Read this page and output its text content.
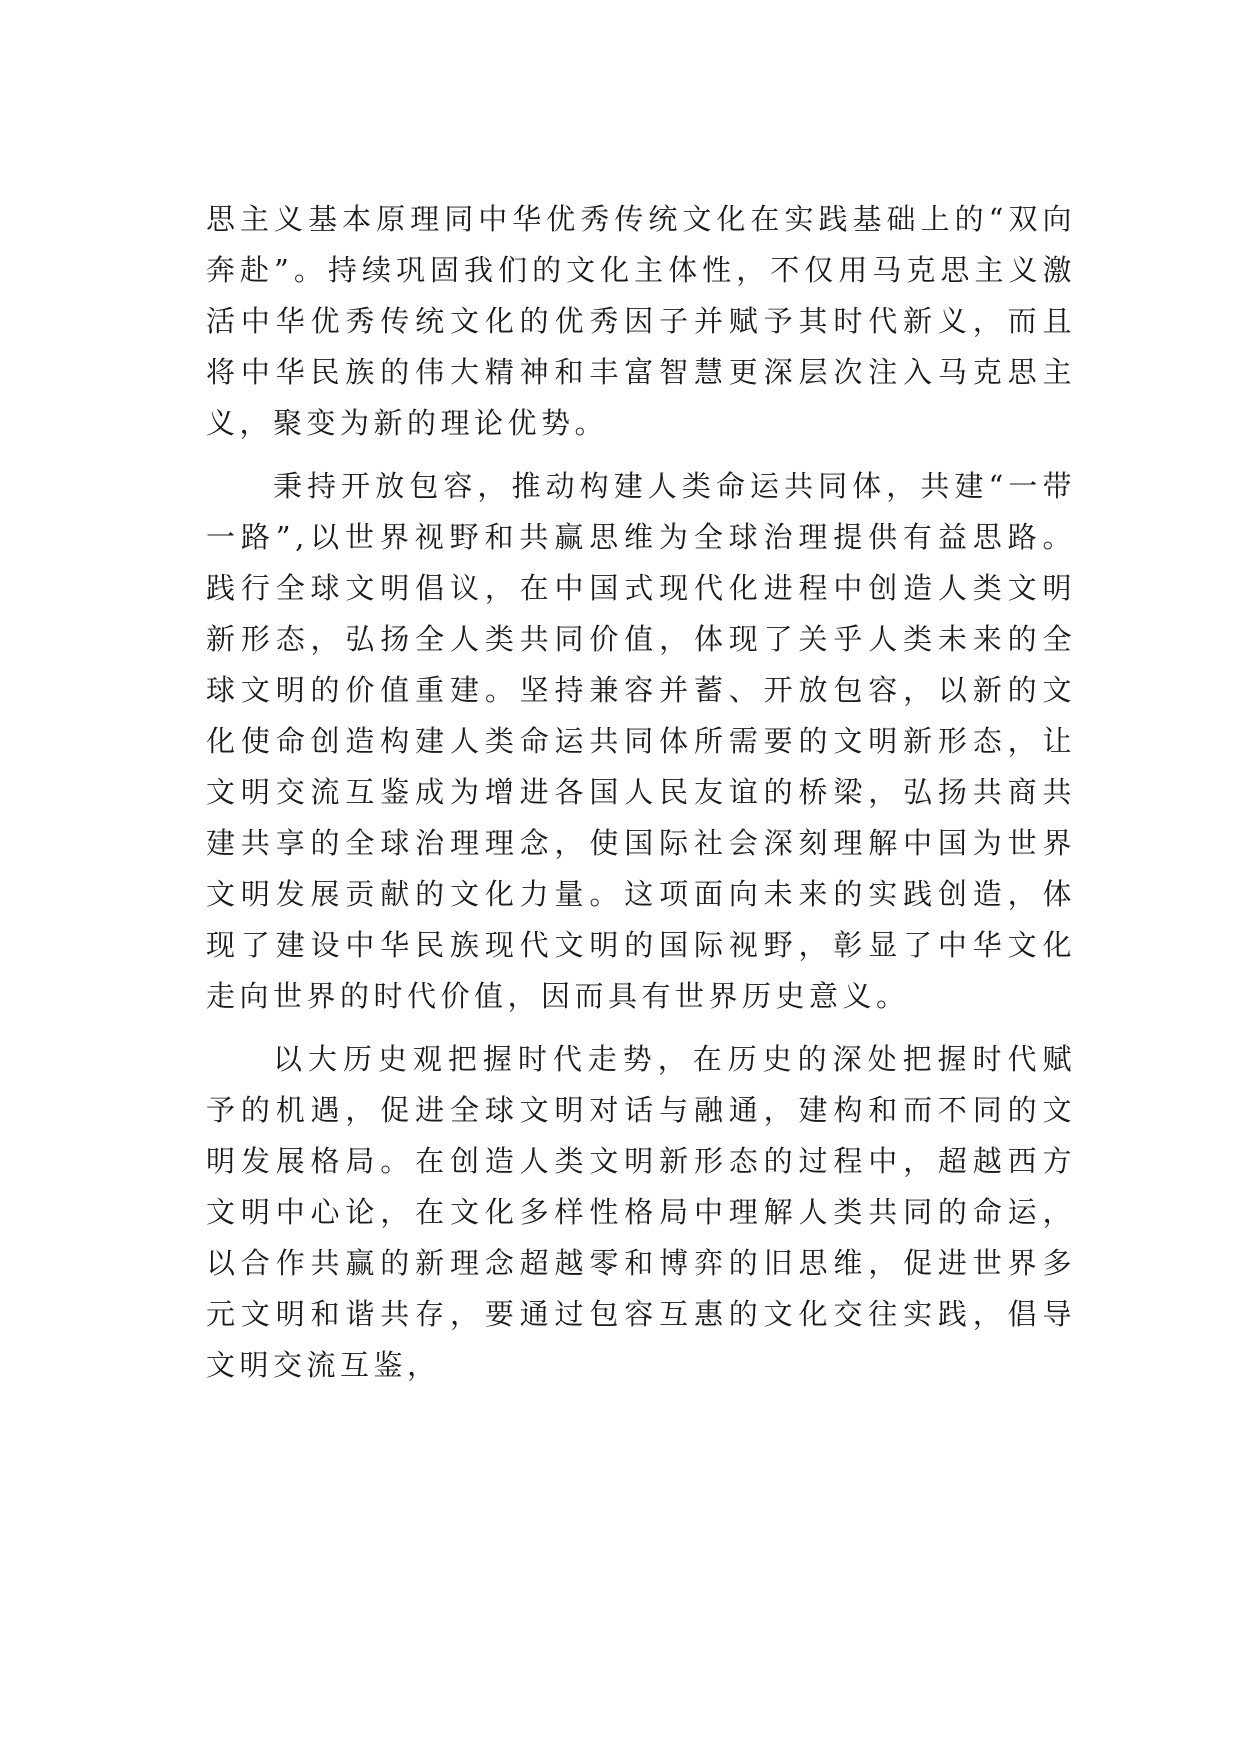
思主义基本原理同中华优秀传统文化在实践基础上的“双向奔赴”。持续巩固我们的文化主体性，不仅用马克思主义激活中华优秀传统文化的优秀因子并赋予其时代新义，而且将中华民族的伟大精神和丰富智慧更深层次注入马克思主义，聚变为新的理论优势。

秉持开放包容，推动构建人类命运共同体，共建“一带一路”,以世界视野和共赢思维为全球治理提供有益思路。践行全球文明倡议，在中国式现代化进程中创造人类文明新形态，弘扬全人类共同价值，体现了关乎人类未来的全球文明的价值重建。坚持兼容并蓄、开放包容，以新的文化使命创造构建人类命运共同体所需要的文明新形态，让文明交流互鉴成为增进各国人民友谊的桥梁，弘扬共商共建共享的全球治理理念，使国际社会深刻理解中国为世界文明发展贡献的文化力量。这项面向未来的实践创造，体现了建设中华民族现代文明的国际视野，彰显了中华文化走向世界的时代价值，因而具有世界历史意义。

以大历史观把握时代走势，在历史的深处把握时代赋予的机遇，促进全球文明对话与融通，建构和而不同的文明发展格局。在创造人类文明新形态的过程中，超越西方文明中心论，在文化多样性格局中理解人类共同的命运，以合作共赢的新理念超越零和博弈的旧思维，促进世界多元文明和谐共存，要通过包容互惠的文化交往实践，倡导文明交流互鉴，
